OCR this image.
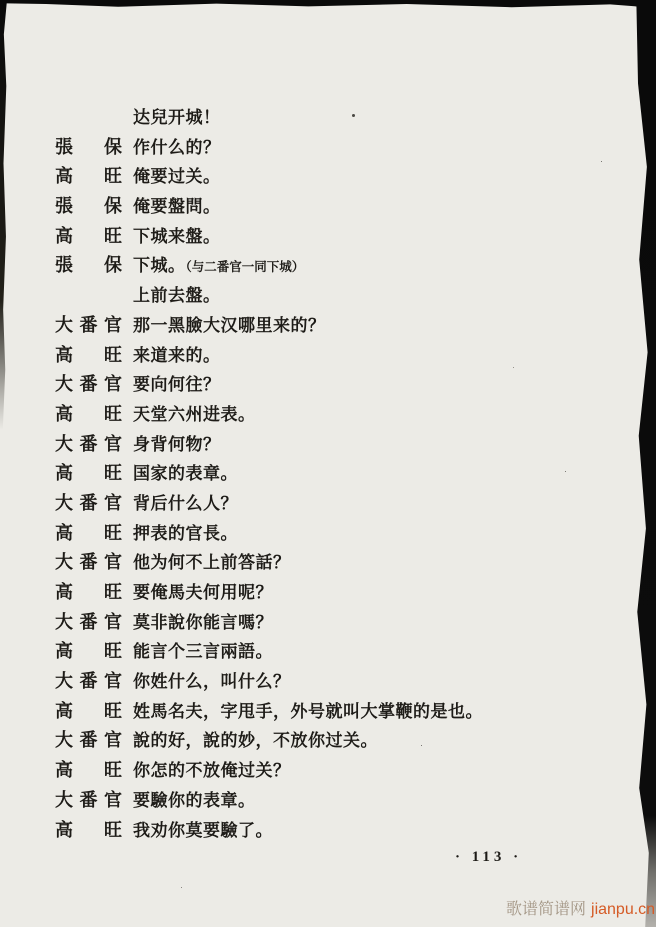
达兒开城！
張保 作什么的？
高旺 俺要过关。
張保 俺要盤問。
高旺 下城来盤。
張保 下城。（与二番官一同下城）
上前去盤。
大番官 那一黑臉大汉哪里来的？
高旺 来道来的。
大番官 要向何往？
高旺 天堂六州进表。
大番官 身背何物？
高旺 国家的表章。
大番官 背后什么人？
高旺 押表的官長。
大番官 他为何不上前答話？
高旺 要俺馬夫何用呢？
大番官 莫非說你能言嗎？
高旺 能言个三言兩語。
大番官 你姓什么，叫什么？
高旺 姓馬名夫，字甩手，外号就叫大掌鞭的是也。
大番官 說的好，說的妙，不放你过关。
高旺 你怎的不放俺过关？
大番官 要驗你的表章。
高旺 我劝你莫要驗了。
· 113 ·
歌谱简谱网 jianpu.cn
